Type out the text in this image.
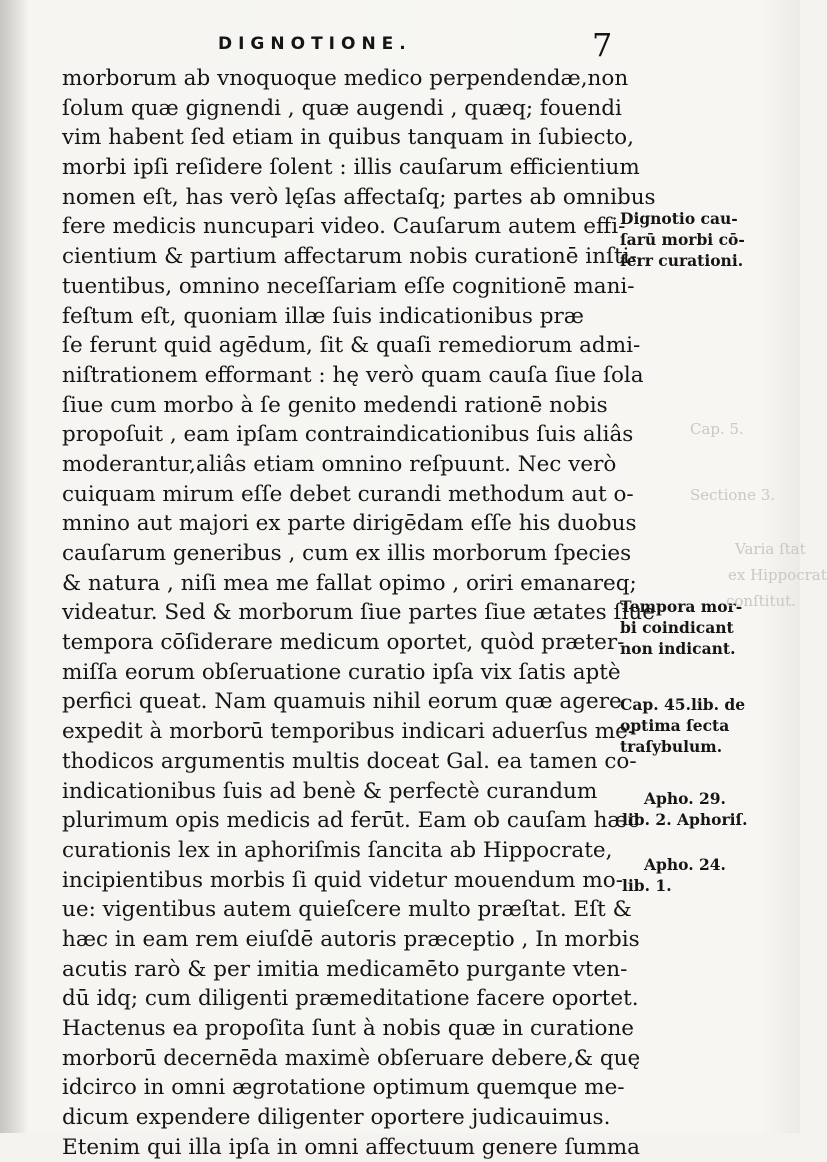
DIGNOTIONE.	7
morborum ab vnoquoque medico perpendendæ,non
ſolum quæ gignendi , quæ augendi , quæq; fouendi
vim habent ſed etiam in quibus tanquam in ſubiecto,
morbi ipſi reſidere ſolent : illis cauſarum efficientium
nomen eſt, has verò lęſas affectaſq; partes ab omnibus
fere medicis nuncupari video. Cauſarum autem effi-
cientium & partium affectarum nobis curationē inſti-
tuentibus, omnino neceſſariam eſſe cognitionē mani-
feſtum eſt, quoniam illæ ſuis indicationibus præ
ſe ferunt quid agēdum, ſit & quaſi remediorum admi-
niſtrationem efformant : hę verò quam cauſa ſiue ſola
ſiue cum morbo à ſe genito medendi rationē nobis
propoſuit , eam ipſam contraindicationibus ſuis aliâs
moderantur,aliâs etiam omnino reſpuunt. Nec verò
cuiquam mirum eſſe debet curandi methodum aut o-
mnino aut majori ex parte dirigēdam eſſe his duobus
cauſarum generibus , cum ex illis morborum ſpecies
& natura , niſi mea me fallat opimo , oriri emanareq;
videatur. Sed & morborum ſiue partes ſiue ætates ſiue
tempora cōſiderare medicum oportet, quòd præter-
miſſa eorum obſeruatione curatio ipſa vix ſatis aptè
perfici queat. Nam quamuis nihil eorum quæ agere
expedit à morborū temporibus indicari aduerſus me-
thodicos argumentis multis doceat Gal. ea tamen co-
indicationibus ſuis ad benè & perfectè curandum
plurimum opis medicis ad ferūt. Eam ob cauſam hæc
curationis lex in aphoriſmis ſancita ab Hippocrate,
incipientibus morbis ſi quid videtur mouendum mo-
ue: vigentibus autem quieſcere multo præſtat. Eſt &
hæc in eam rem eiuſdē autoris præceptio , In morbis
acutis rarò & per imitia medicamēto purgante vten-
dū idq; cum diligenti præmeditatione facere oportet.
Hactenus ea propoſita ſunt à nobis quæ in curatione
morborū decernēda maximè obſeruare debere,& quę
idcirco in omni ægrotatione optimum quemque me-
dicum expendere diligenter oportere judicauimus.
Etenim qui illa ipſa in omni affectuum genere ſumma
Dignotio cau-
ſarū morbi cō-
ferr curationi.
Tempora mor-
bi coindicant
non indicant.
Cap. 45.lib. de
optima ſecta
traſybulum.
Apho. 29.
lib. 2. Aphoriſ.
Apho. 24.
lib. 1.
Cap. 5.
Sectione 3.
Varia ſtat
ex Hippocrat
conſtitut.
